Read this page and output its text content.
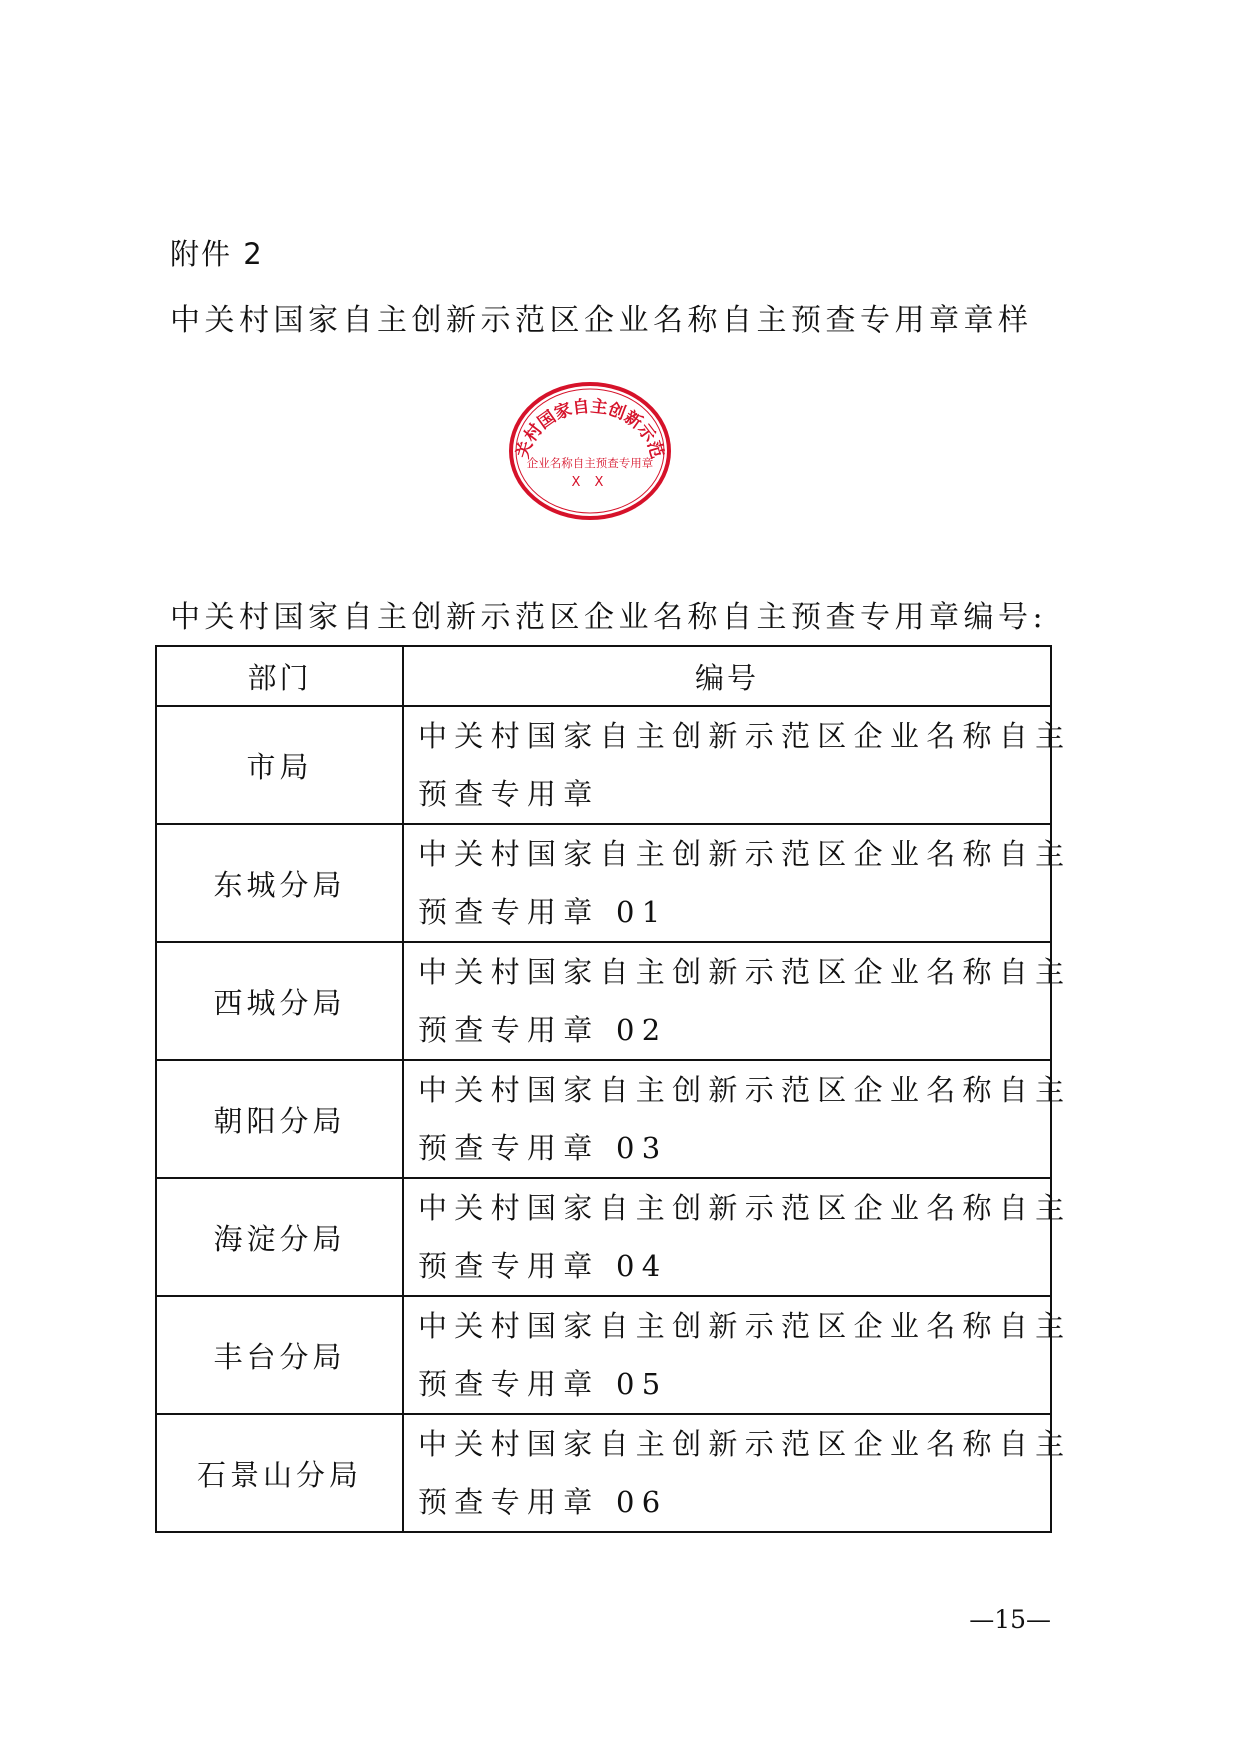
附件 2
中关村国家自主创新示范区企业名称自主预查专用章章样
关村国家自主创新示范
企业名称自主预查专用章
X X
中关村国家自主创新示范区企业名称自主预查专用章编号:
部门	编号
市局	中关村国家自主创新示范区企业名称自主
预查专用章

东城分局	中关村国家自主创新示范区企业名称自主
预查专用章 01

西城分局	中关村国家自主创新示范区企业名称自主
预查专用章 02

朝阳分局	中关村国家自主创新示范区企业名称自主
预查专用章 03

海淀分局	中关村国家自主创新示范区企业名称自主
预查专用章 04

丰台分局	中关村国家自主创新示范区企业名称自主
预查专用章 05

石景山分局	中关村国家自主创新示范区企业名称自主
预查专用章 06
—15—
